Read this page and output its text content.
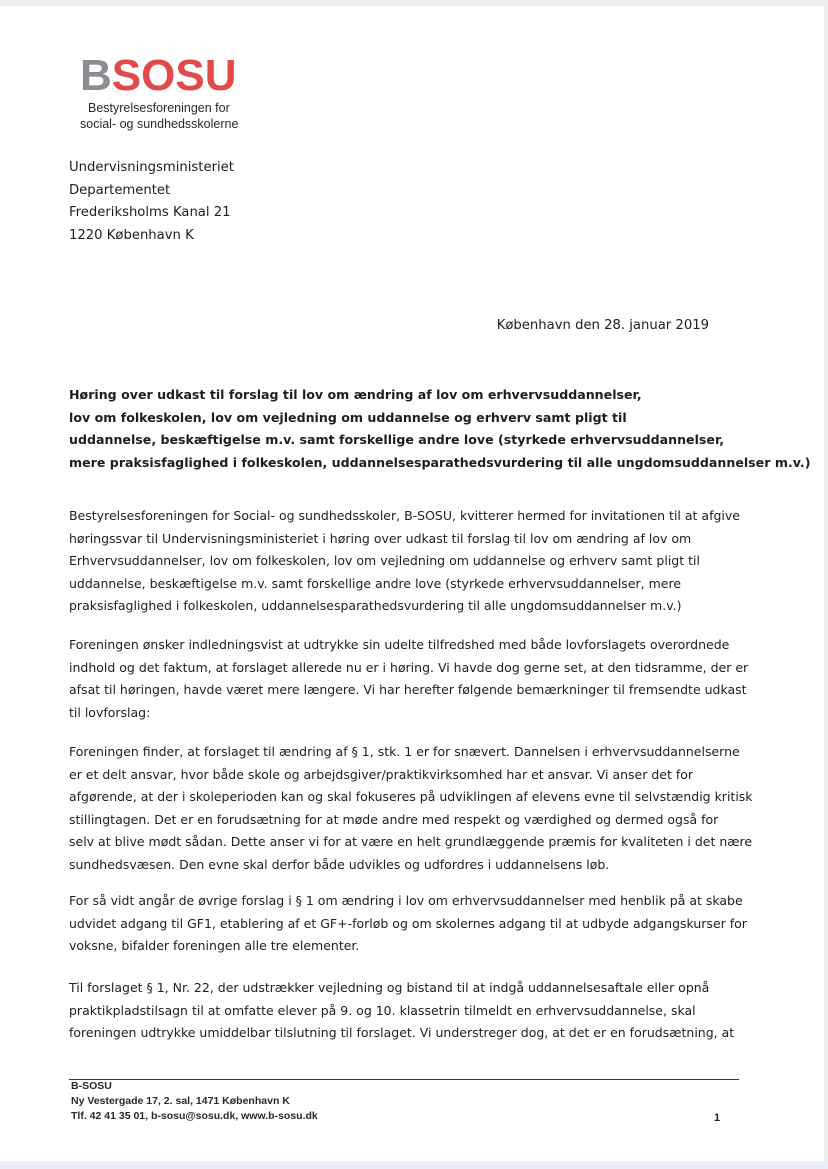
BSOSU
Bestyrelsesforeningen for
social- og sundhedsskolerne
Undervisningsministeriet
Departementet
Frederiksholms Kanal 21
1220 København K
København den 28. januar 2019
Høring over udkast til forslag til lov om ændring af lov om erhvervsuddannelser,
lov om folkeskolen, lov om vejledning om uddannelse og erhverv samt pligt til
uddannelse, beskæftigelse m.v. samt forskellige andre love (styrkede erhvervsuddannelser,
mere praksisfaglighed i folkeskolen, uddannelsesparathedsvurdering til alle ungdomsuddannelser m.v.)
Bestyrelsesforeningen for Social- og sundhedsskoler, B-SOSU, kvitterer hermed for invitationen til at afgive
høringssvar til Undervisningsministeriet i høring over udkast til forslag til lov om ændring af lov om
Erhvervsuddannelser, lov om folkeskolen, lov om vejledning om uddannelse og erhverv samt pligt til
uddannelse, beskæftigelse m.v. samt forskellige andre love (styrkede erhvervsuddannelser, mere
praksisfaglighed i folkeskolen, uddannelsesparathedsvurdering til alle ungdomsuddannelser m.v.)
Foreningen ønsker indledningsvist at udtrykke sin udelte tilfredshed med både lovforslagets overordnede
indhold og det faktum, at forslaget allerede nu er i høring. Vi havde dog gerne set, at den tidsramme, der er
afsat til høringen, havde været mere længere. Vi har herefter følgende bemærkninger til fremsendte udkast
til lovforslag:
Foreningen finder, at forslaget til ændring af § 1, stk. 1 er for snævert. Dannelsen i erhvervsuddannelserne
er et delt ansvar, hvor både skole og arbejdsgiver/praktikvirksomhed har et ansvar. Vi anser det for
afgørende, at der i skoleperioden kan og skal fokuseres på udviklingen af elevens evne til selvstændig kritisk
stillingtagen. Det er en forudsætning for at møde andre med respekt og værdighed og dermed også for
selv at blive mødt sådan. Dette anser vi for at være en helt grundlæggende præmis for kvaliteten i det nære
sundhedsvæsen. Den evne skal derfor både udvikles og udfordres i uddannelsens løb.
For så vidt angår de øvrige forslag i § 1 om ændring i lov om erhvervsuddannelser med henblik på at skabe
udvidet adgang til GF1, etablering af et GF+-forløb og om skolernes adgang til at udbyde adgangskurser for
voksne, bifalder foreningen alle tre elementer.
Til forslaget § 1, Nr. 22, der udstrækker vejledning og bistand til at indgå uddannelsesaftale eller opnå
praktikpladstilsagn til at omfatte elever på 9. og 10. klassetrin tilmeldt en erhvervsuddannelse, skal
foreningen udtrykke umiddelbar tilslutning til forslaget. Vi understreger dog, at det er en forudsætning, at
B-SOSU
Ny Vestergade 17, 2. sal, 1471 København K
Tlf. 42 41 35 01, b-sosu@sosu.dk, www.b-sosu.dk	1
